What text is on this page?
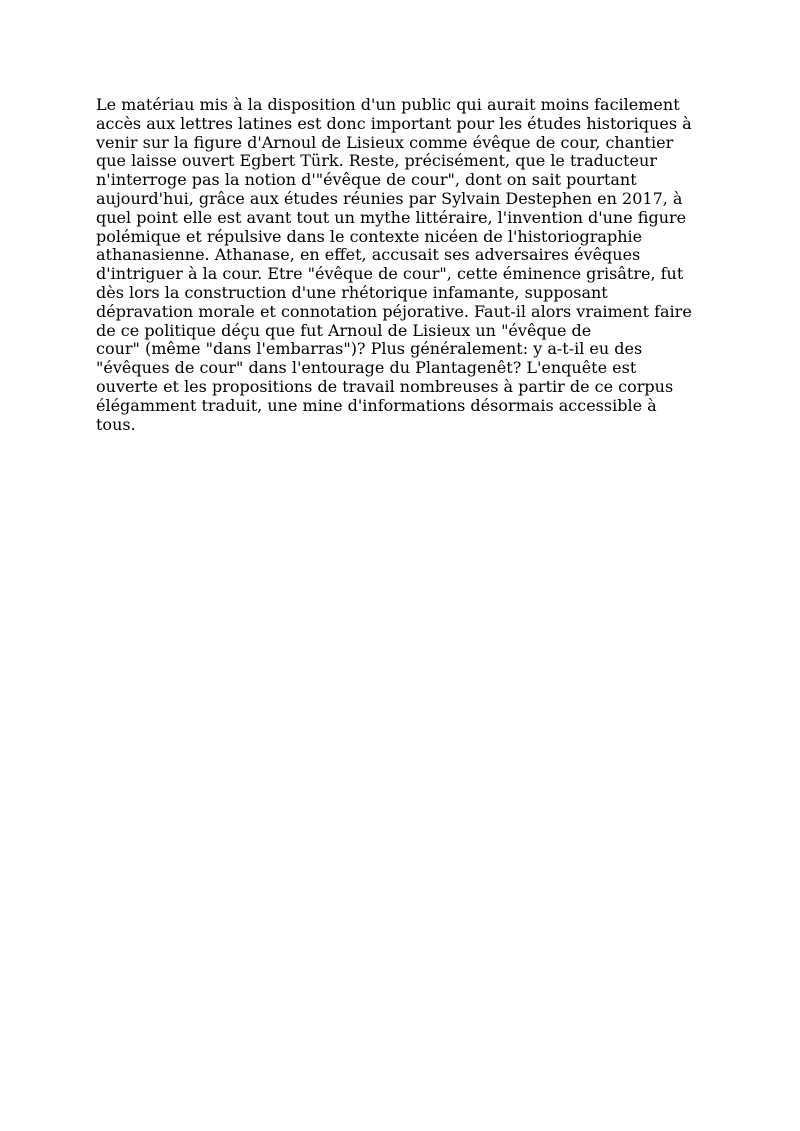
Le matériau mis à la disposition d'un public qui aurait moins facilement
accès aux lettres latines est donc important pour les études historiques à
venir sur la figure d'Arnoul de Lisieux comme évêque de cour, chantier
que laisse ouvert Egbert Türk. Reste, précisément, que le traducteur
n'interroge pas la notion d'"évêque de cour", dont on sait pourtant
aujourd'hui, grâce aux études réunies par Sylvain Destephen en 2017, à
quel point elle est avant tout un mythe littéraire, l'invention d'une figure
polémique et répulsive dans le contexte nicéen de l'historiographie
athanasienne. Athanase, en effet, accusait ses adversaires évêques
d'intriguer à la cour. Etre "évêque de cour", cette éminence grisâtre, fut
dès lors la construction d'une rhétorique infamante, supposant
dépravation morale et connotation péjorative. Faut-il alors vraiment faire
de ce politique déçu que fut Arnoul de Lisieux un "évêque de
cour" (même "dans l'embarras")? Plus généralement: y a-t-il eu des
"évêques de cour" dans l'entourage du Plantagenêt? L'enquête est
ouverte et les propositions de travail nombreuses à partir de ce corpus
élégamment traduit, une mine d'informations désormais accessible à
tous.
